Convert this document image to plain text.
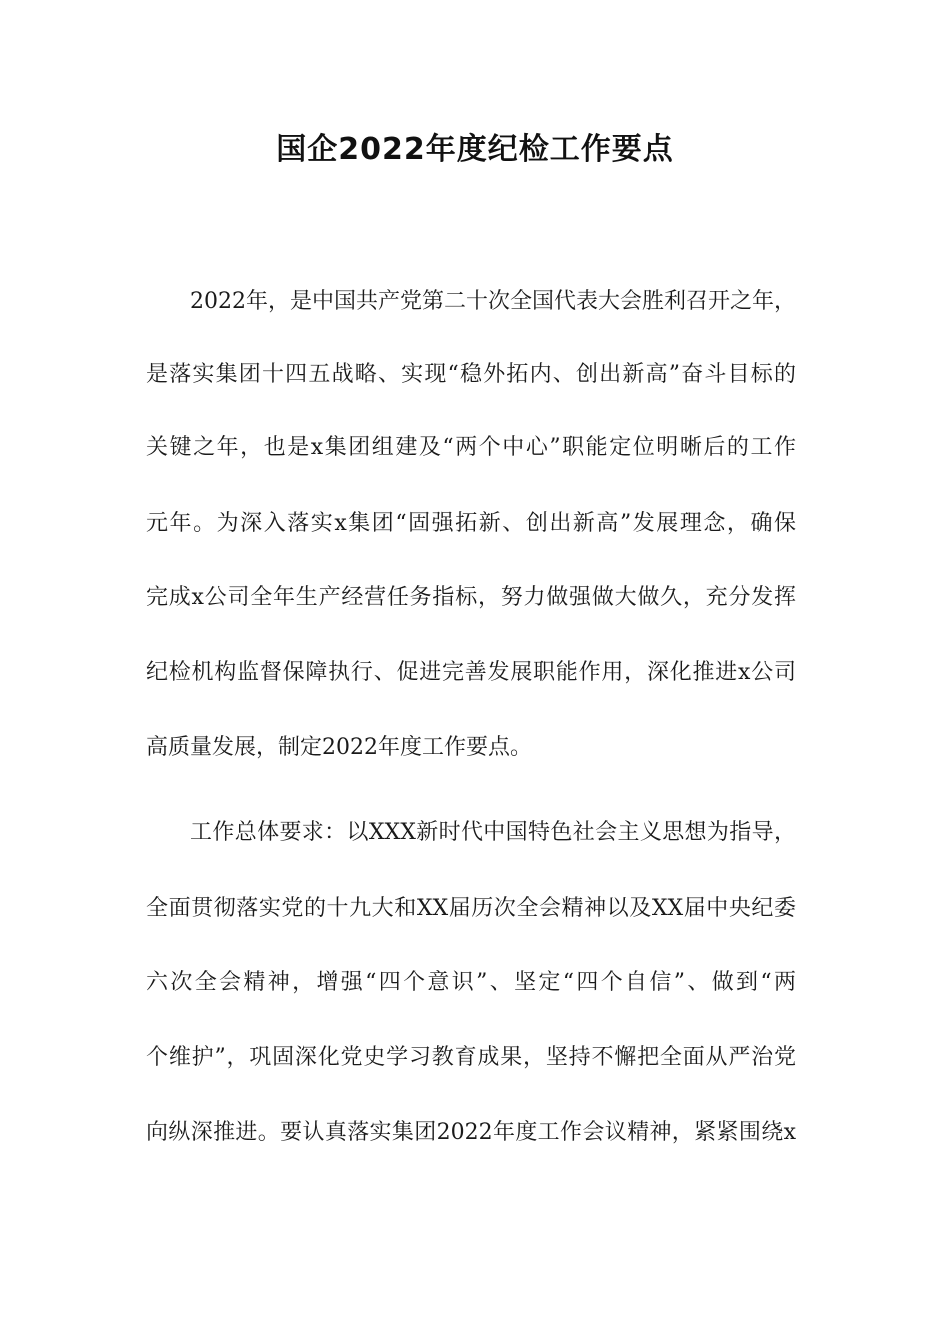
国企2022年度纪检工作要点
2022年，是中国共产党第二十次全国代表大会胜利召开之年，
是落实集团十四五战略、实现“稳外拓内、创出新高”奋斗目标的
关键之年，也是x集团组建及“两个中心”职能定位明晰后的工作
元年。为深入落实x集团“固强拓新、创出新高”发展理念，确保
完成x公司全年生产经营任务指标，努力做强做大做久，充分发挥
纪检机构监督保障执行、促进完善发展职能作用，深化推进x公司
高质量发展，制定2022年度工作要点。
工作总体要求：以XXX新时代中国特色社会主义思想为指导，
全面贯彻落实党的十九大和XX届历次全会精神以及XX届中央纪委
六次全会精神，增强“四个意识”、坚定“四个自信”、做到“两
个维护”，巩固深化党史学习教育成果，坚持不懈把全面从严治党
向纵深推进。要认真落实集团2022年度工作会议精神，紧紧围绕x
